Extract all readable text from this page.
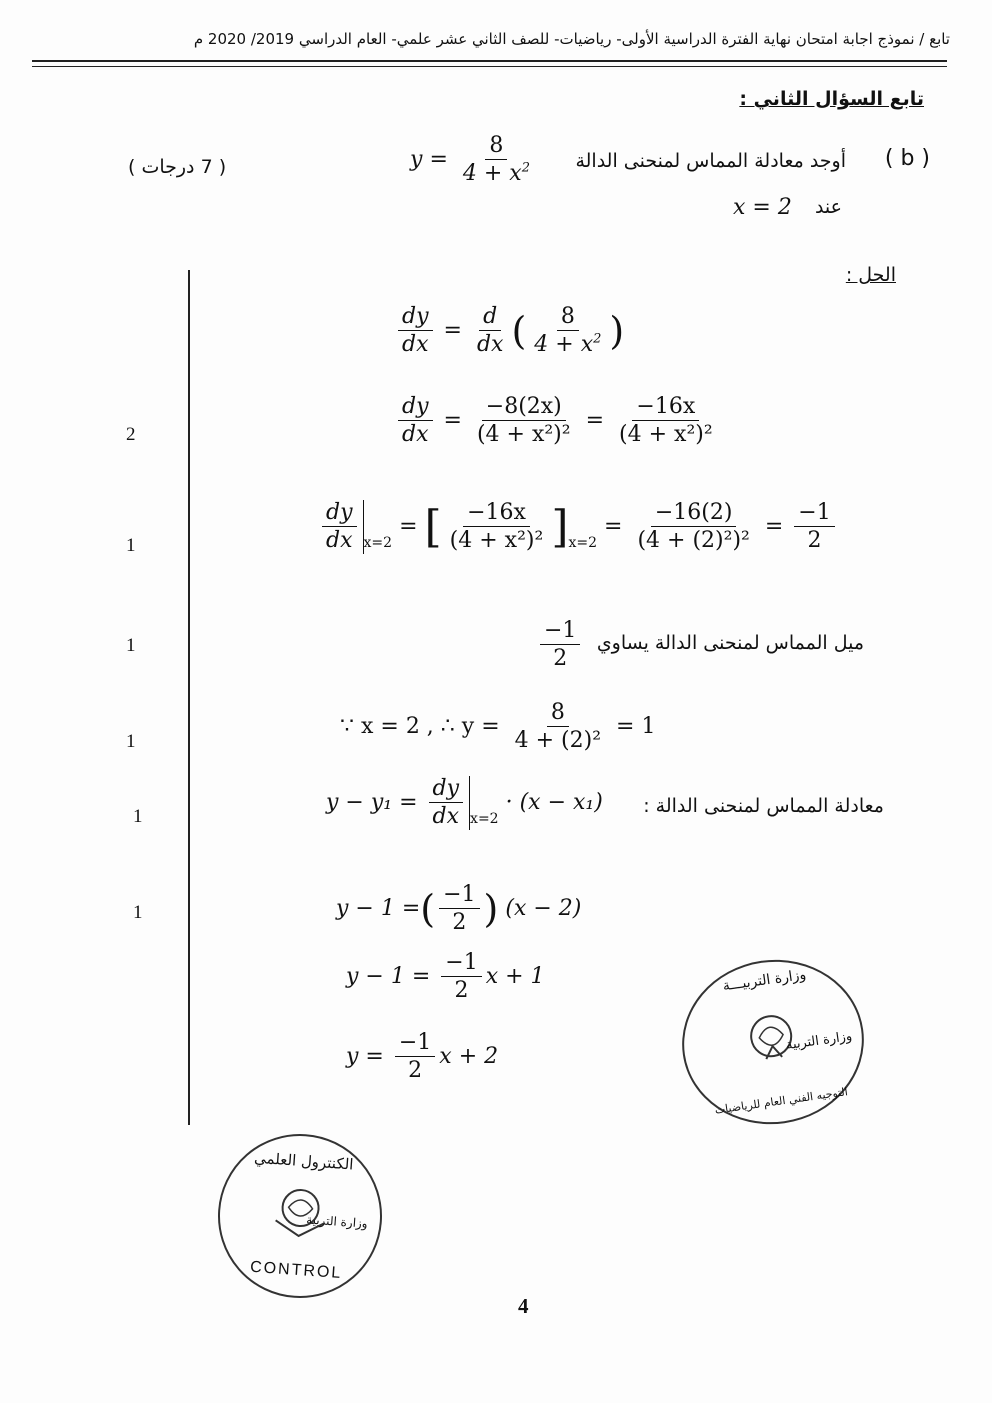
تابع / نموذج اجابة امتحان نهاية الفترة الدراسية الأولى- رياضيات- للصف الثاني عشر علمي- العام الدراسي 2019/ 2020 م
تابع السؤال الثاني :
( b )
أوجد معادلة المماس لمنحنى الدالة
$y = \frac{8}{4 + x^2}$
عند
x = 2
( 7 درجات )
الحل :
$\frac{dy}{dx} = \frac{d}{dx}$ ( $\frac{8}{4 + x^2}$ )
$\frac{dy}{dx} = \frac{-8(2x)}{\text{(4 + x²)²}} = \frac{-16x}{\text{(4 + x²)²}}$
2
$\frac{dy}{dx} _{x=2}$ = [ $\frac{-16x}{\text{(4 + x²)²}} ]_{x=2} = \frac{-16(2)}{\text{(4 + (2)²)²}} = \frac{-1}{2}$
1
ميل المماس لمنحنى الدالة يساوي
$\frac{-1}{2}$
1
∵ x = 2 , ∴ $y = \frac{8}{\text{4 + (2)²}} = 1$
1
معادلة المماس لمنحنى الدالة :
$y - y_1 = \frac{dy}{dx} _{x=2} \cdot (x - x_1)$
1
y − 1 =( $\frac{-1}{2}$ ) (x − 2)
1
$y - 1 = \frac{-1}{2}$ x + 1
$y = \frac{-1}{2}$ x + 2
وزارة التربيـــة
وزارة التربية
التوجيه الفني العام للرياضيات
الكنترول العلمي
وزارة التربية
CONTROL
4
